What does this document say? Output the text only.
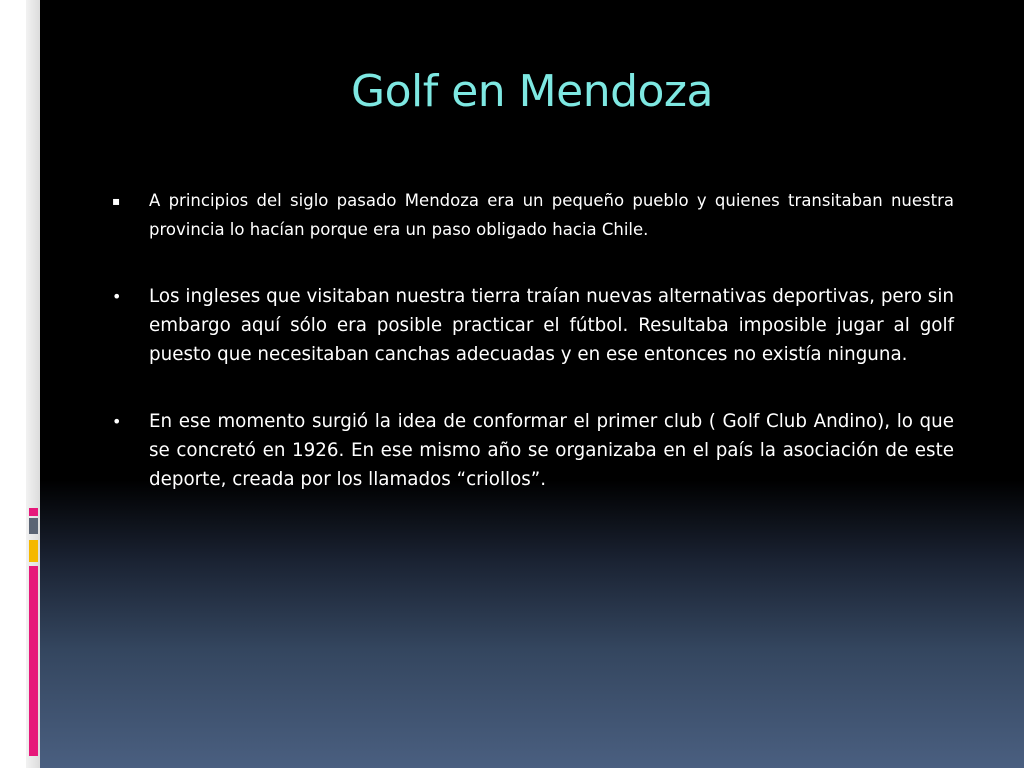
Golf en Mendoza
▪ A principios del siglo pasado Mendoza era un pequeño pueblo y quienes transitaban nuestra provincia lo hacían porque era un paso obligado hacia Chile.
• Los ingleses que visitaban nuestra tierra traían nuevas alternativas deportivas, pero sin embargo aquí sólo era posible practicar el fútbol. Resultaba imposible jugar al golf puesto que necesitaban canchas adecuadas y en ese entonces no existía ninguna.
• En ese momento surgió la idea de conformar el primer club ( Golf Club Andino), lo que se concretó en 1926. En ese mismo año se organizaba en el país la asociación de este deporte, creada por los llamados “criollos”.
